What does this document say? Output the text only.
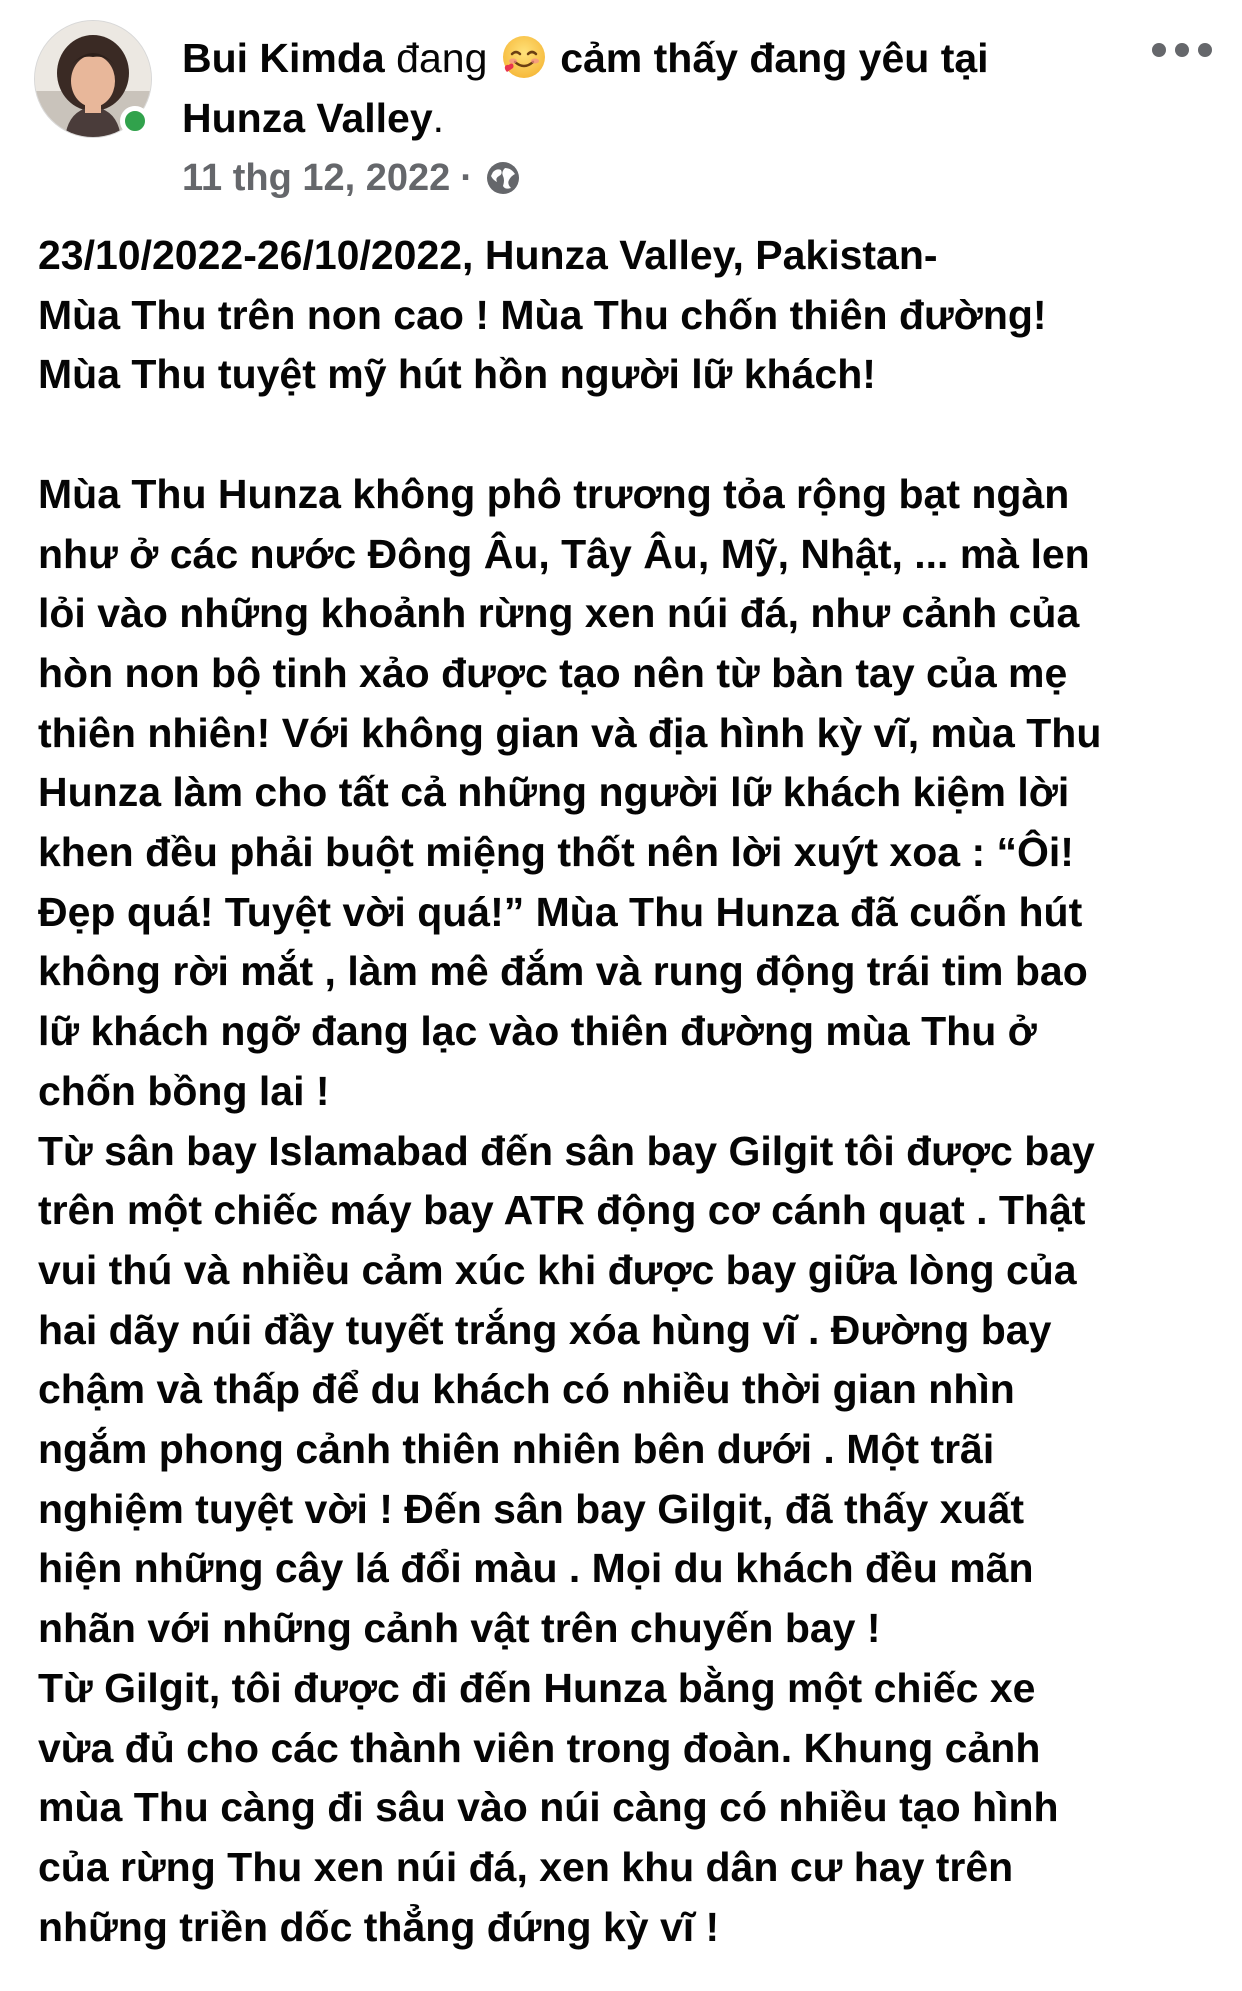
Bui Kimda đang cảm thấy đang yêu tại
Hunza Valley.
11 thg 12, 2022 ·

23/10/2022-26/10/2022, Hunza Valley, Pakistan-

Mùa Thu trên non cao ! Mùa Thu chốn thiên đường!

Mùa Thu tuyệt mỹ hút hồn người lữ khách!

Mùa Thu Hunza không phô trương tỏa rộng bạt ngàn

như ở các nước Đông Âu, Tây Âu, Mỹ, Nhật, ... mà len

lỏi vào những khoảnh rừng xen núi đá, như cảnh của

hòn non bộ tinh xảo được tạo nên từ bàn tay của mẹ

thiên nhiên! Với không gian và địa hình kỳ vĩ, mùa Thu

Hunza làm cho tất cả những người lữ khách kiệm lời

khen đều phải buột miệng thốt nên lời xuýt xoa : “Ôi!

Đẹp quá! Tuyệt vời quá!” Mùa Thu Hunza đã cuốn hút

không rời mắt , làm mê đắm và rung động trái tim bao

lữ khách ngỡ đang lạc vào thiên đường mùa Thu ở

chốn bồng lai !

Từ sân bay Islamabad đến sân bay Gilgit tôi được bay

trên một chiếc máy bay ATR động cơ cánh quạt . Thật

vui thú và nhiều cảm xúc khi được bay giữa lòng của

hai dãy núi đầy tuyết trắng xóa hùng vĩ . Đường bay

chậm và thấp để du khách có nhiều thời gian nhìn

ngắm phong cảnh thiên nhiên bên dưới . Một trãi

nghiệm tuyệt vời ! Đến sân bay Gilgit, đã thấy xuất

hiện những cây lá đổi màu . Mọi du khách đều mãn

nhãn với những cảnh vật trên chuyến bay !

Từ Gilgit, tôi được đi đến Hunza bằng một chiếc xe

vừa đủ cho các thành viên trong đoàn. Khung cảnh

mùa Thu càng đi sâu vào núi càng có nhiều tạo hình

của rừng Thu xen núi đá, xen khu dân cư hay trên

những triền dốc thẳng đứng kỳ vĩ !
